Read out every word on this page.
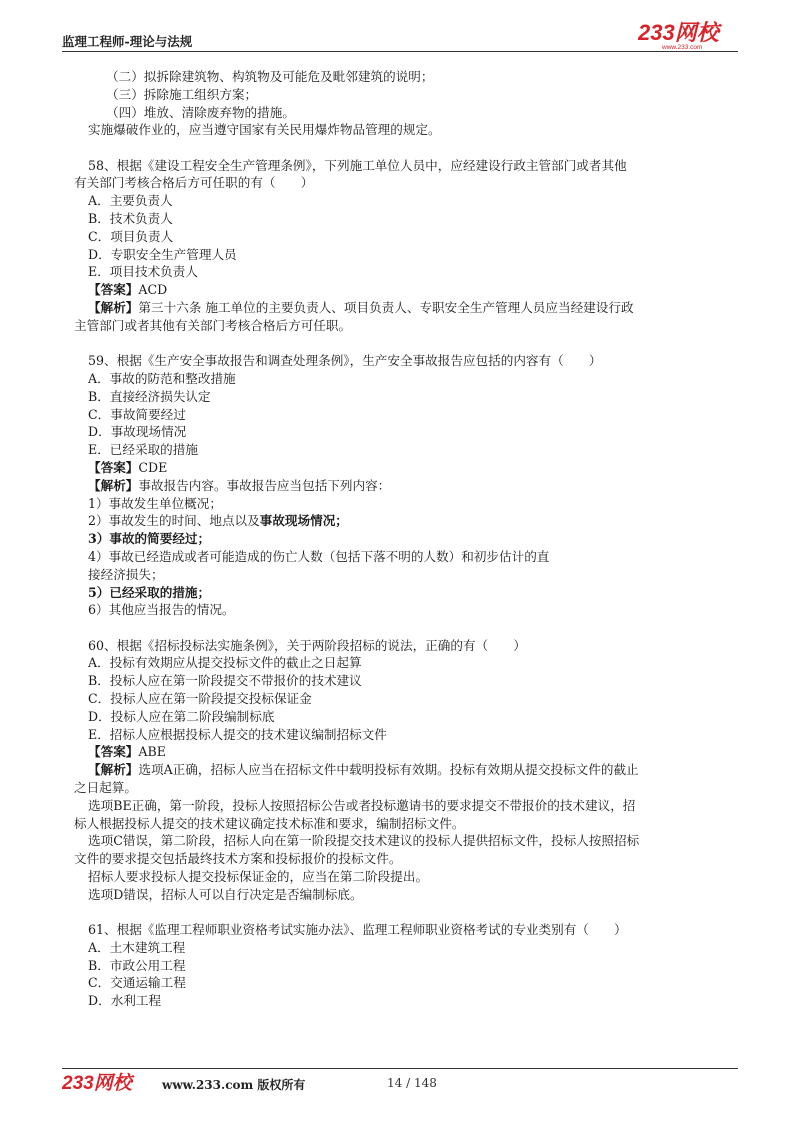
监理工程师-理论与法规	233网校
www.233.com
（二）拟拆除建筑物、构筑物及可能危及毗邻建筑的说明；
（三）拆除施工组织方案；
（四）堆放、清除废弃物的措施。
实施爆破作业的，应当遵守国家有关民用爆炸物品管理的规定。
58、根据《建设工程安全生产管理条例》，下列施工单位人员中，应经建设行政主管部门或者其他
有关部门考核合格后方可任职的有（　　）
A．主要负责人
B．技术负责人
C．项目负责人
D．专职安全生产管理人员
E．项目技术负责人
【答案】ACD
【解析】第三十六条 施工单位的主要负责人、项目负责人、专职安全生产管理人员应当经建设行政
主管部门或者其他有关部门考核合格后方可任职。
59、根据《生产安全事故报告和调查处理条例》，生产安全事故报告应包括的内容有（　　）
A．事故的防范和整改措施
B．直接经济损失认定
C．事故简要经过
D．事故现场情况
E．已经采取的措施
【答案】CDE
【解析】事故报告内容。事故报告应当包括下列内容：
1）事故发生单位概况；
2）事故发生的时间、地点以及事故现场情况；
3）事故的简要经过；
4）事故已经造成或者可能造成的伤亡人数（包括下落不明的人数）和初步估计的直
接经济损失；
5）已经采取的措施；
6）其他应当报告的情况。
60、根据《招标投标法实施条例》，关于两阶段招标的说法，正确的有（　　）
A．投标有效期应从提交投标文件的截止之日起算
B．投标人应在第一阶段提交不带报价的技术建议
C．投标人应在第一阶段提交投标保证金
D．投标人应在第二阶段编制标底
E．招标人应根据投标人提交的技术建议编制招标文件
【答案】ABE
【解析】选项A正确，招标人应当在招标文件中载明投标有效期。投标有效期从提交投标文件的截止
之日起算。
选项BE正确，第一阶段，投标人按照招标公告或者投标邀请书的要求提交不带报价的技术建议，招
标人根据投标人提交的技术建议确定技术标准和要求，编制招标文件。
选项C错误，第二阶段，招标人向在第一阶段提交技术建议的投标人提供招标文件，投标人按照招标
文件的要求提交包括最终技术方案和投标报价的投标文件。
招标人要求投标人提交投标保证金的，应当在第二阶段提出。
选项D错误，招标人可以自行决定是否编制标底。
61、根据《监理工程师职业资格考试实施办法》、监理工程师职业资格考试的专业类别有（　　）
A．土木建筑工程
B．市政公用工程
C．交通运输工程
D．水利工程
233网校	www.233.com 版权所有	14 / 148
